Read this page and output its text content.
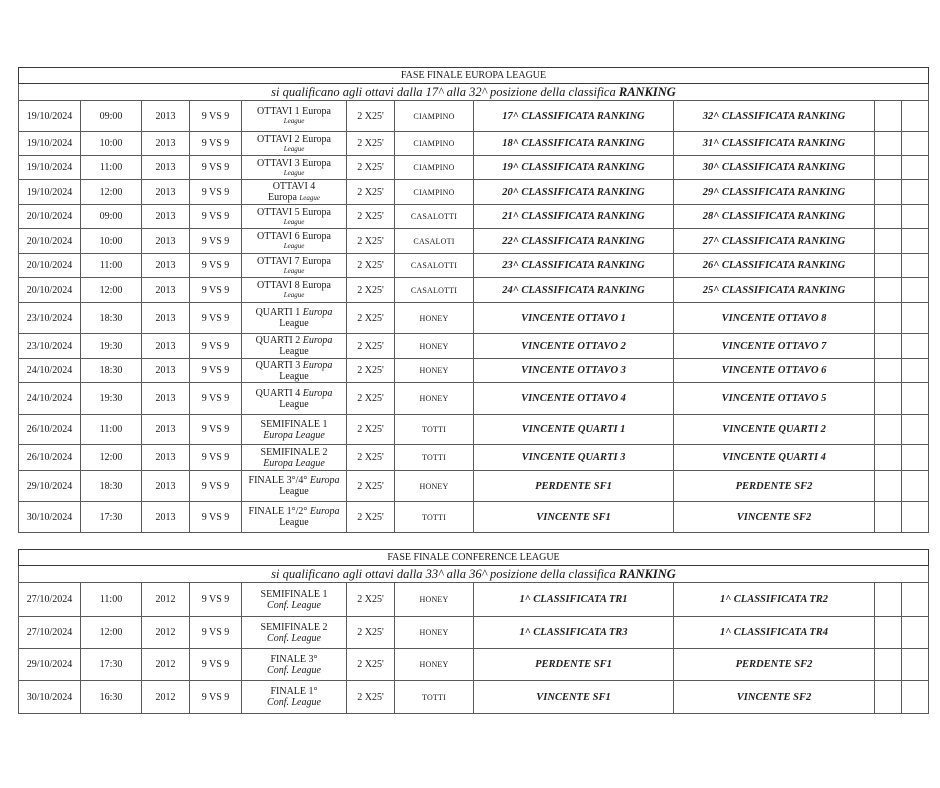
FASE FINALE EUROPA LEAGUE										
si qualificano agli ottavi dalla 17^ alla 32^ posizione della classifica RANKING										
19/10/2024	09:00	2013	9 VS 9	OTTAVI 1 Europa
League	2 X25'	CIAMPINO	17^ CLASSIFICATA RANKING	32^ CLASSIFICATA RANKING		
19/10/2024	10:00	2013	9 VS 9	OTTAVI 2 Europa
League	2 X25'	CIAMPINO	18^ CLASSIFICATA RANKING	31^ CLASSIFICATA RANKING		
19/10/2024	11:00	2013	9 VS 9	OTTAVI 3 Europa
League	2 X25'	CIAMPINO	19^ CLASSIFICATA RANKING	30^ CLASSIFICATA RANKING		
19/10/2024	12:00	2013	9 VS 9	OTTAVI 4
Europa League	2 X25'	CIAMPINO	20^ CLASSIFICATA RANKING	29^ CLASSIFICATA RANKING		
20/10/2024	09:00	2013	9 VS 9	OTTAVI 5 Europa
League	2 X25'	CASALOTTI	21^ CLASSIFICATA RANKING	28^ CLASSIFICATA RANKING		
20/10/2024	10:00	2013	9 VS 9	OTTAVI 6 Europa
League	2 X25'	CASALOTI	22^ CLASSIFICATA RANKING	27^ CLASSIFICATA RANKING		
20/10/2024	11:00	2013	9 VS 9	OTTAVI 7 Europa
League	2 X25'	CASALOTTI	23^ CLASSIFICATA RANKING	26^ CLASSIFICATA RANKING		
20/10/2024	12:00	2013	9 VS 9	OTTAVI 8 Europa
League	2 X25'	CASALOTTI	24^ CLASSIFICATA RANKING	25^ CLASSIFICATA RANKING		
23/10/2024	18:30	2013	9 VS 9	QUARTI 1 Europa
League	2 X25'	HONEY	VINCENTE OTTAVO 1	VINCENTE OTTAVO 8		
23/10/2024	19:30	2013	9 VS 9	QUARTI 2 Europa
League	2 X25'	HONEY	VINCENTE OTTAVO 2	VINCENTE OTTAVO 7		
24/10/2024	18:30	2013	9 VS 9	QUARTI 3 Europa
League	2 X25'	HONEY	VINCENTE OTTAVO 3	VINCENTE OTTAVO 6		
24/10/2024	19:30	2013	9 VS 9	QUARTI 4 Europa
League	2 X25'	HONEY	VINCENTE OTTAVO 4	VINCENTE OTTAVO 5		
26/10/2024	11:00	2013	9 VS 9	SEMIFINALE 1
Europa League	2 X25'	TOTTI	VINCENTE QUARTI 1	VINCENTE QUARTI 2		
26/10/2024	12:00	2013	9 VS 9	SEMIFINALE 2
Europa League	2 X25'	TOTTI	VINCENTE QUARTI 3	VINCENTE QUARTI 4		
29/10/2024	18:30	2013	9 VS 9	FINALE 3°/4° Europa
League	2 X25'	HONEY	PERDENTE SF1	PERDENTE SF2		
30/10/2024	17:30	2013	9 VS 9	FINALE 1°/2° Europa
League	2 X25'	TOTTI	VINCENTE SF1	VINCENTE SF2		
FASE FINALE CONFERENCE LEAGUE										
si qualificano agli ottavi dalla 33^ alla 36^ posizione della classifica RANKING										
27/10/2024	11:00	2012	9 VS 9	SEMIFINALE 1
Conf. League	2 X25'	HONEY	1^ CLASSIFICATA TR1	1^ CLASSIFICATA TR2		
27/10/2024	12:00	2012	9 VS 9	SEMIFINALE 2
Conf. League	2 X25'	HONEY	1^ CLASSIFICATA TR3	1^ CLASSIFICATA TR4		
29/10/2024	17:30	2012	9 VS 9	FINALE 3°
Conf. League	2 X25'	HONEY	PERDENTE SF1	PERDENTE SF2		
30/10/2024	16:30	2012	9 VS 9	FINALE 1°
Conf. League	2 X25'	TOTTI	VINCENTE SF1	VINCENTE SF2		
